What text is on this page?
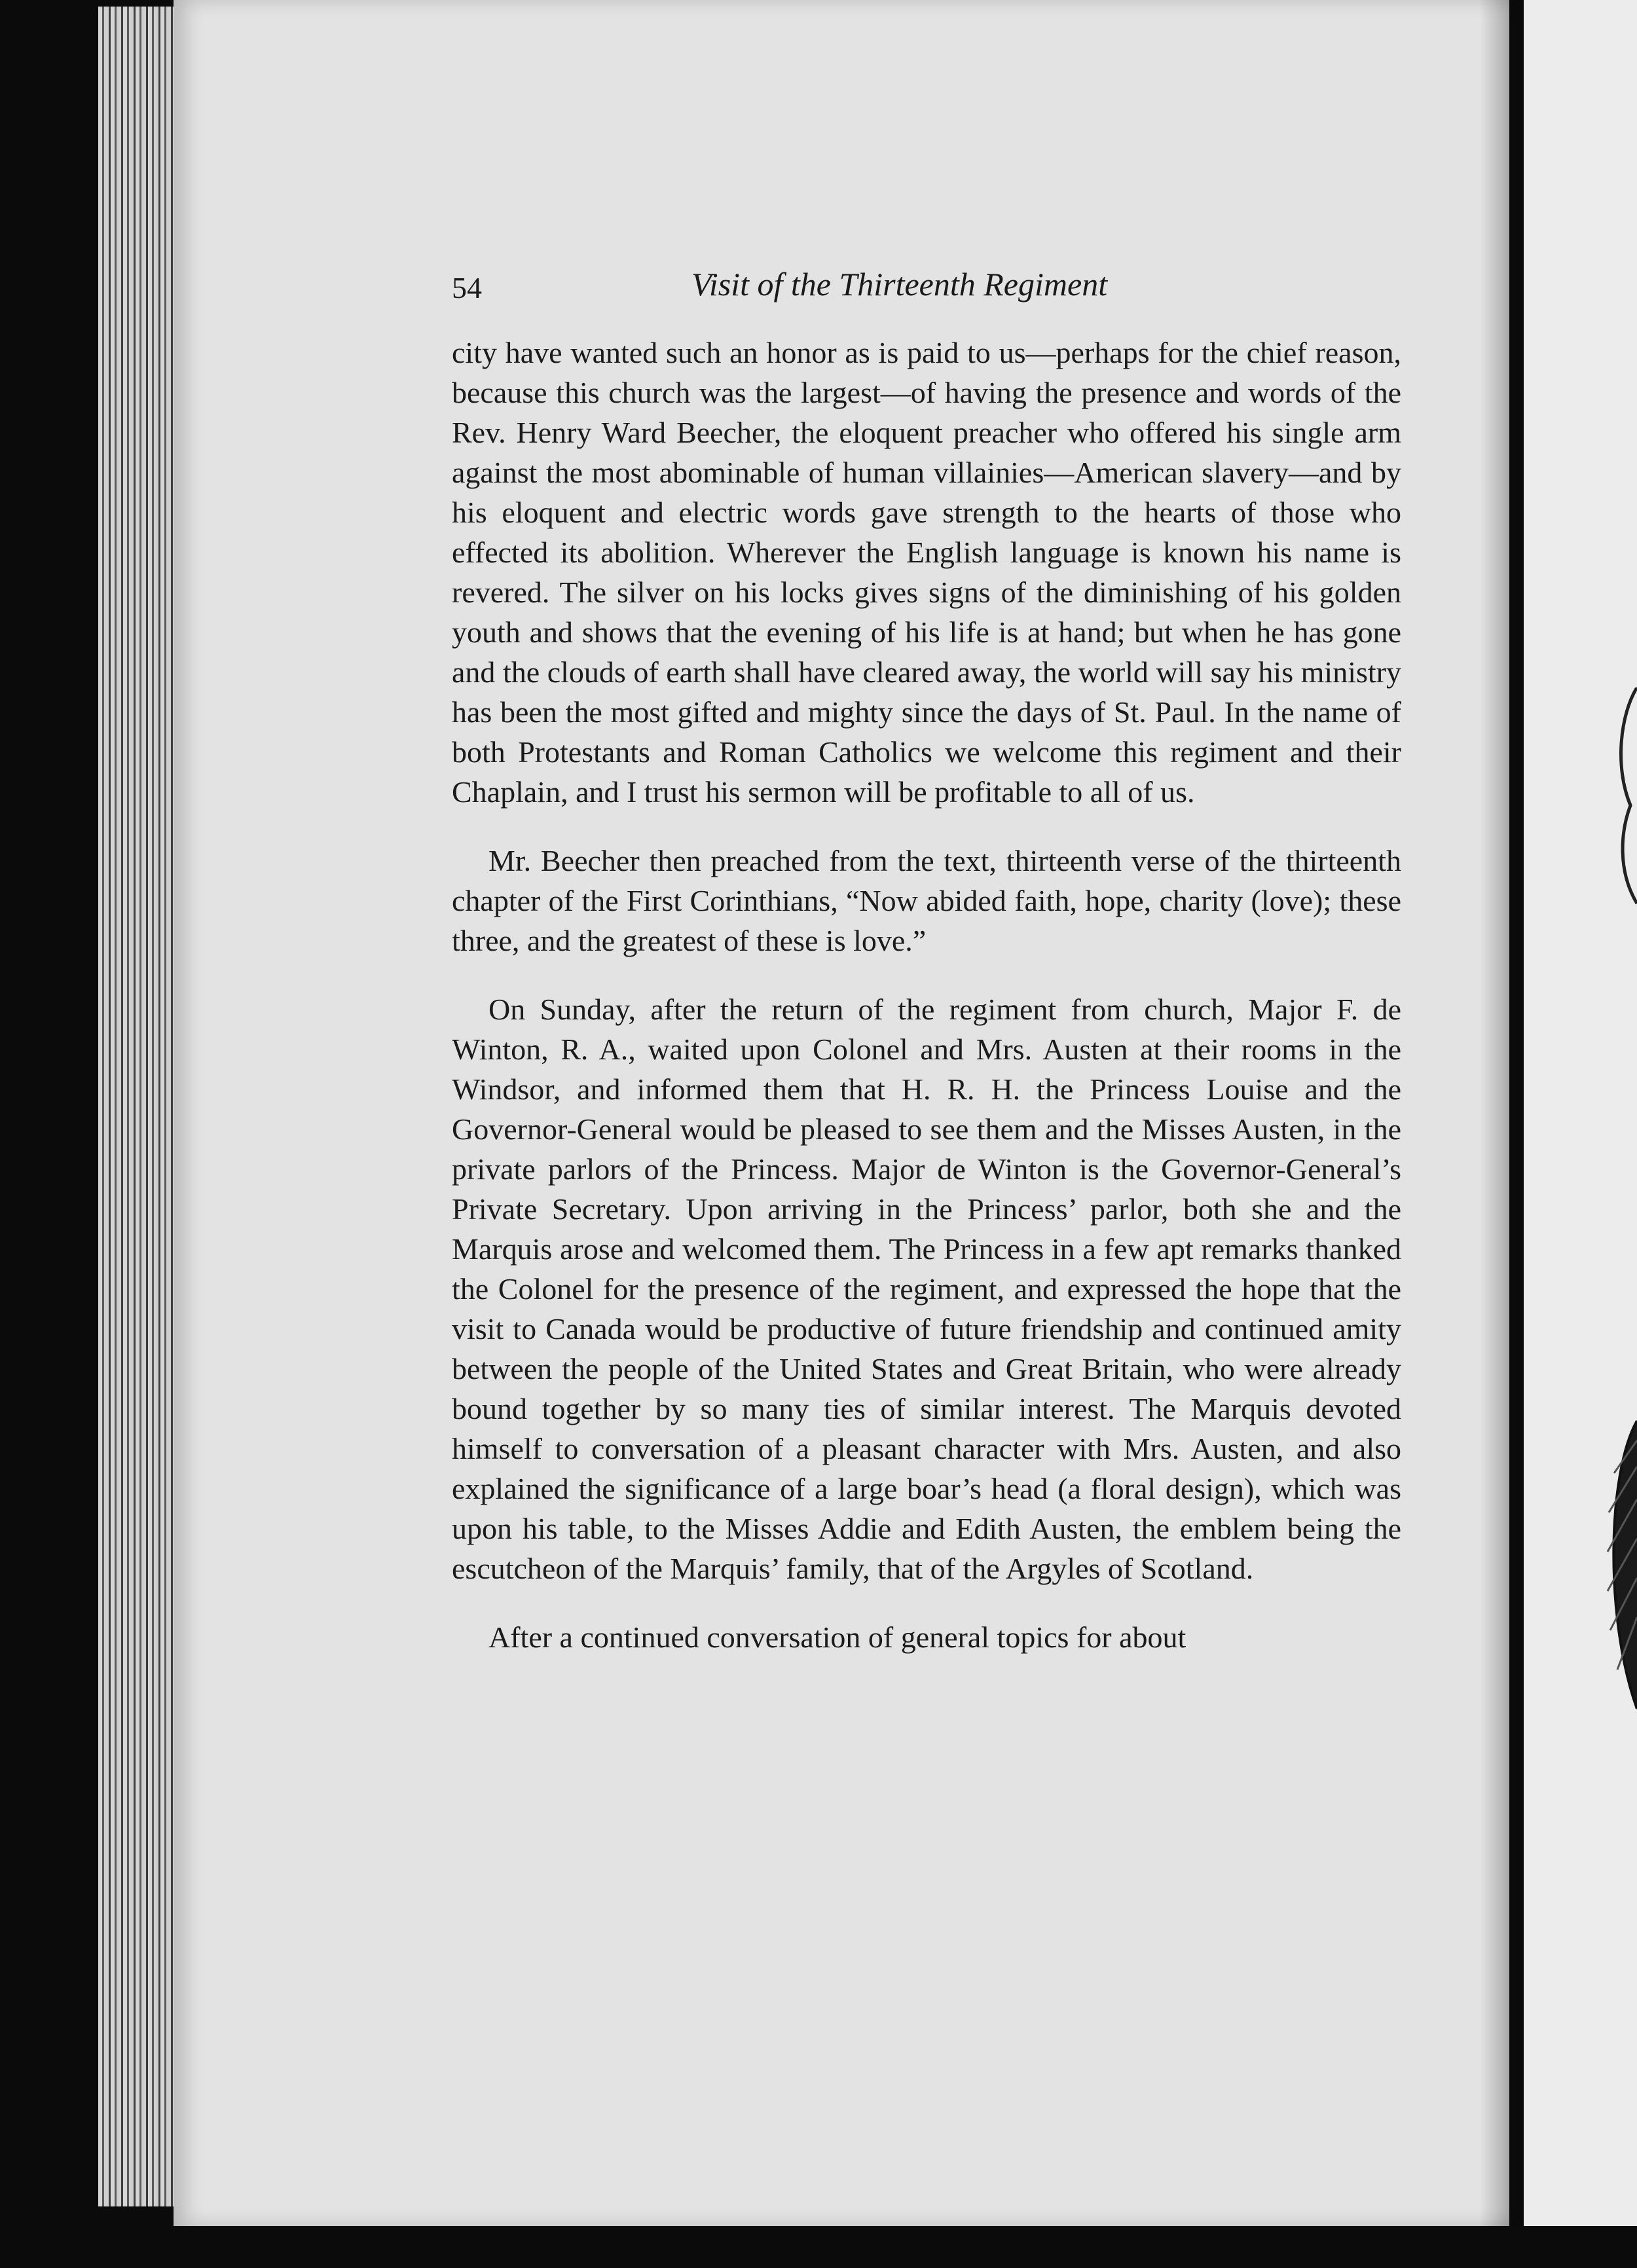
54	Visit of the Thirteenth Regiment

city have wanted such an honor as is paid to us—perhaps for the chief reason, because this church was the largest—of having the presence and words of the Rev. Henry Ward Beecher, the eloquent preacher who offered his single arm against the most abominable of human villainies—American slavery—and by his eloquent and electric words gave strength to the hearts of those who effected its abolition. Wherever the English language is known his name is revered. The silver on his locks gives signs of the diminishing of his golden youth and shows that the evening of his life is at hand; but when he has gone and the clouds of earth shall have cleared away, the world will say his ministry has been the most gifted and mighty since the days of St. Paul. In the name of both Protestants and Roman Catholics we welcome this regiment and their Chaplain, and I trust his sermon will be profitable to all of us.

Mr. Beecher then preached from the text, thirteenth verse of the thirteenth chapter of the First Corinthians, “Now abided faith, hope, charity (love); these three, and the greatest of these is love.”

On Sunday, after the return of the regiment from church, Major F. de Winton, R. A., waited upon Colonel and Mrs. Austen at their rooms in the Windsor, and informed them that H. R. H. the Princess Louise and the Governor-General would be pleased to see them and the Misses Austen, in the private parlors of the Princess. Major de Winton is the Governor-General’s Private Secretary. Upon arriving in the Princess’ parlor, both she and the Marquis arose and welcomed them. The Princess in a few apt remarks thanked the Colonel for the presence of the regiment, and expressed the hope that the visit to Canada would be productive of future friendship and continued amity between the people of the United States and Great Britain, who were already bound together by so many ties of similar interest. The Marquis devoted himself to conversation of a pleasant character with Mrs. Austen, and also explained the significance of a large boar’s head (a floral design), which was upon his table, to the Misses Addie and Edith Austen, the emblem being the escutcheon of the Marquis’ family, that of the Argyles of Scotland.

After a continued conversation of general topics for about
